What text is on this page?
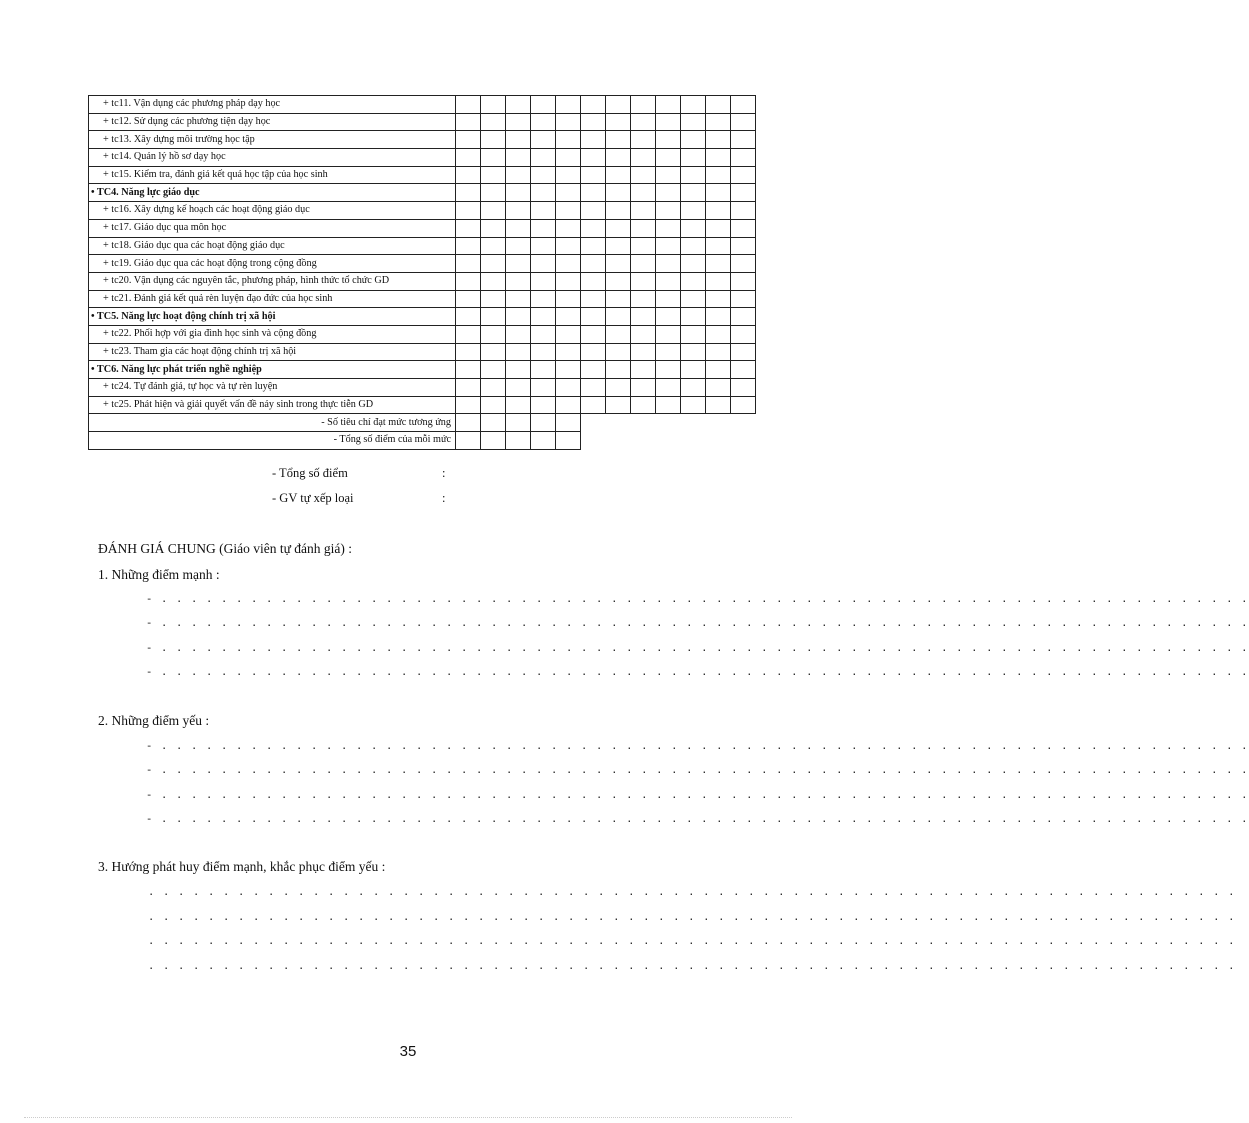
+ tc11. Vận dụng các phương pháp dạy học												
+ tc12. Sử dụng các phương tiện dạy học												
+ tc13. Xây dựng môi trường học tập												
+ tc14. Quản lý hồ sơ dạy học												
+ tc15. Kiểm tra, đánh giá kết quả học tập của học sinh												
• TC4. Năng lực giáo dục												
+ tc16. Xây dựng kế hoạch các hoạt động giáo dục												
+ tc17. Giáo dục qua môn học												
+ tc18. Giáo dục qua các hoạt động giáo dục												
+ tc19. Giáo dục qua các hoạt động trong cộng đồng												
+ tc20. Vận dụng các nguyên tắc, phương pháp, hình thức tổ chức GD												
+ tc21. Đánh giá kết quả rèn luyện đạo đức của học sinh												
• TC5. Năng lực hoạt động chính trị xã hội												
+ tc22. Phối hợp với gia đình học sinh và cộng đồng												
+ tc23. Tham gia các hoạt động chính trị xã hội												
• TC6. Năng lực phát triển nghề nghiệp												
+ tc24. Tự đánh giá, tự học và tự rèn luyện												
+ tc25. Phát hiện và giải quyết vấn đề nảy sinh trong thực tiễn GD												
- Số tiêu chí đạt mức tương ứng												
- Tổng số điểm của mỗi mức												
- Tổng số điểm	:
- GV tự xếp loại	:
ĐÁNH GIÁ CHUNG (Giáo viên tự đánh giá) :
1. Những điểm mạnh :
- . . . . . . . . . . . . . . . . . . . . . . . . . . . . . . . . . . . . . . . . . . . . . . . . . . . . . . . . . . . . . . . . . . . . . . . . .
- . . . . . . . . . . . . . . . . . . . . . . . . . . . . . . . . . . . . . . . . . . . . . . . . . . . . . . . . . . . . . . . . . . . . . . . . .
- . . . . . . . . . . . . . . . . . . . . . . . . . . . . . . . . . . . . . . . . . . . . . . . . . . . . . . . . . . . . . . . . . . . . . . . . .
- . . . . . . . . . . . . . . . . . . . . . . . . . . . . . . . . . . . . . . . . . . . . . . . . . . . . . . . . . . . . . . . . . . . . . . . . .
2. Những điểm yếu :
- . . . . . . . . . . . . . . . . . . . . . . . . . . . . . . . . . . . . . . . . . . . . . . . . . . . . . . . . . . . . . . . . . . . . . . . . .
- . . . . . . . . . . . . . . . . . . . . . . . . . . . . . . . . . . . . . . . . . . . . . . . . . . . . . . . . . . . . . . . . . . . . . . . . .
- . . . . . . . . . . . . . . . . . . . . . . . . . . . . . . . . . . . . . . . . . . . . . . . . . . . . . . . . . . . . . . . . . . . . . . . . .
- . . . . . . . . . . . . . . . . . . . . . . . . . . . . . . . . . . . . . . . . . . . . . . . . . . . . . . . . . . . . . . . . . . . . . . . . .
3. Hướng phát huy điểm mạnh, khắc phục điểm yếu :
. . . . . . . . . . . . . . . . . . . . . . . . . . . . . . . . . . . . . . . . . . . . . . . . . . . . . . . . . . . . . . . . . . . . . . . . .
. . . . . . . . . . . . . . . . . . . . . . . . . . . . . . . . . . . . . . . . . . . . . . . . . . . . . . . . . . . . . . . . . . . . . . . . .
. . . . . . . . . . . . . . . . . . . . . . . . . . . . . . . . . . . . . . . . . . . . . . . . . . . . . . . . . . . . . . . . . . . . . . . . .
. . . . . . . . . . . . . . . . . . . . . . . . . . . . . . . . . . . . . . . . . . . . . . . . . . . . . . . . . . . . . . . . . . . . . . . . .
35
